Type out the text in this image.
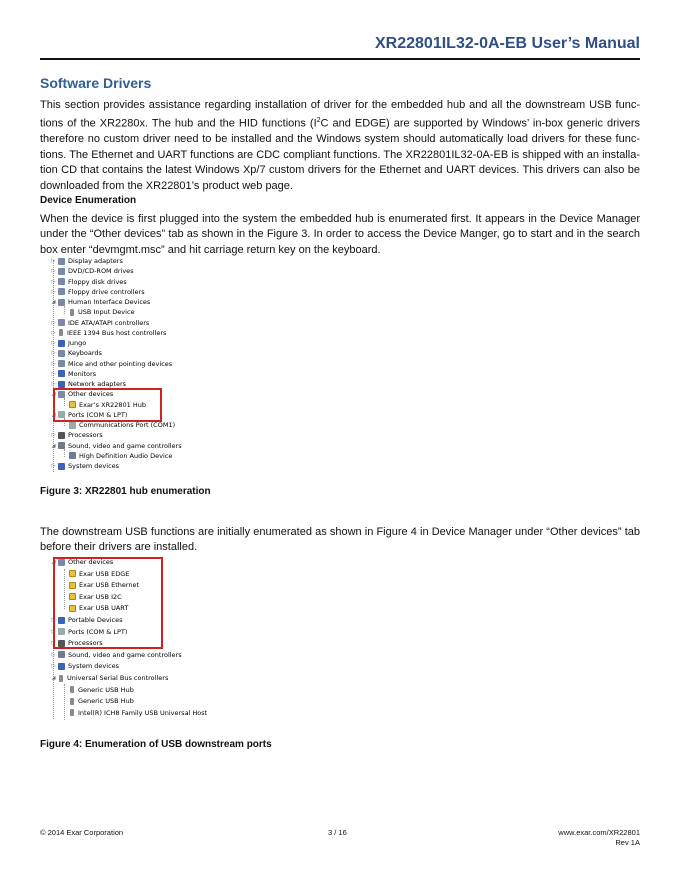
XR22801IL32-0A-EB User’s Manual
Software Drivers
This section provides assistance regarding installation of driver for the embedded hub and all the downstream USB func-tions of the XR2280x. The hub and the HID functions ($I^2C$ and EDGE) are supported by Windows’ in-box generic drivers therefore no custom driver need to be installed and the Windows system should automatically load drivers for these func-tions. The Ethernet and UART functions are CDC compliant functions. The XR22801IL32-0A-EB is shipped with an installa-tion CD that contains the latest Windows Xp/7 custom drivers for the Ethernet and UART devices. This drivers can also be downloaded from the XR22801’s product web page.
Device Enumeration
When the device is first plugged into the system the embedded hub is enumerated first. It appears in the Device Manager under the “Other devices” tab as shown in the Figure 3. In order to access the Device Manger, go to start and in the search box enter “devmgmt.msc” and hit carriage return key on the keyboard.
▷ Display adapters
▷ DVD/CD-ROM drives
▷ Floppy disk drives
▷ Floppy drive controllers
◢ Human Interface Devices
USB Input Device
▷ IDE ATA/ATAPI controllers
▷ IEEE 1394 Bus host controllers
▷ Jungo
▷ Keyboards
▷ Mice and other pointing devices
▷ Monitors
▷ Network adapters
◢ Other devices
Exar’s XR22801 Hub
◢ Ports (COM & LPT)
Communications Port (COM1)
▷ Processors
◢ Sound, video and game controllers
High Definition Audio Device
▷ System devices
Figure 3: XR22801 hub enumeration
The downstream USB functions are initially enumerated as shown in Figure 4 in Device Manager under “Other devices” tab before their drivers are installed.
◢ Other devices
Exar USB EDGE
Exar USB Ethernet
Exar USB I2C
Exar USB UART
▷ Portable Devices
▷ Ports (COM & LPT)
▷ Processors
▷ Sound, video and game controllers
▷ System devices
◢ Universal Serial Bus controllers
Generic USB Hub
Generic USB Hub
Intel(R) ICH8 Family USB Universal Host
Figure 4: Enumeration of USB downstream ports
© 2014 Exar Corporation	3 / 16	www.exar.com/XR22801
Rev 1A
